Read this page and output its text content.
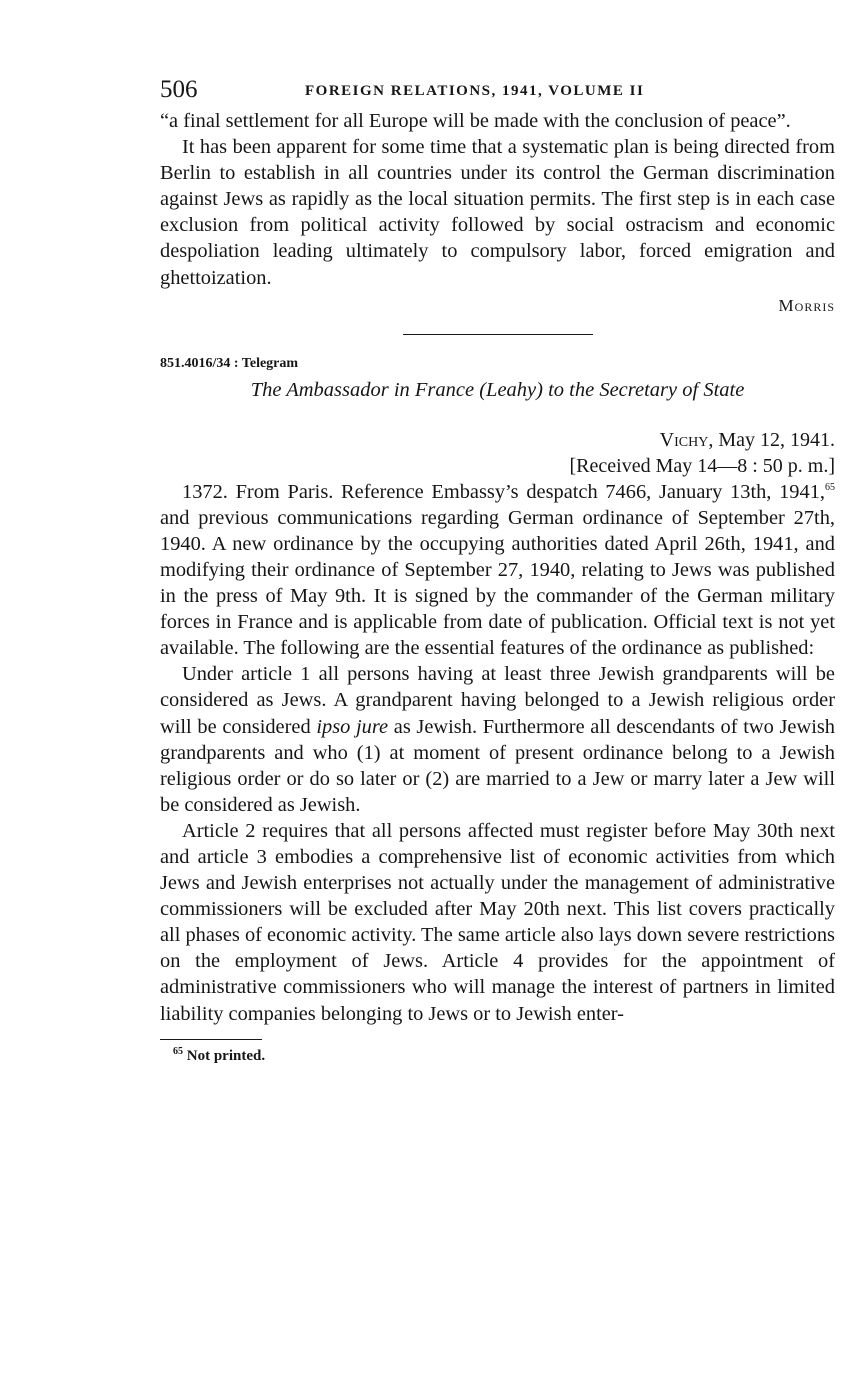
506	FOREIGN RELATIONS, 1941, VOLUME II

“a final settlement for all Europe will be made with the conclusion of peace”.

It has been apparent for some time that a systematic plan is being directed from Berlin to establish in all countries under its control the German discrimination against Jews as rapidly as the local situation permits. The first step is in each case exclusion from political activity followed by social ostracism and economic despoliation leading ultimately to compulsory labor, forced emigration and ghettoization.

Morris
851.4016/34 : Telegram
The Ambassador in France (Leahy) to the Secretary of State
Vichy, May 12, 1941.
[Received May 14—8 : 50 p. m.]

1372. From Paris. Reference Embassy’s despatch 7466, January 13th, 1941,65 and previous communications regarding German ordinance of September 27th, 1940. A new ordinance by the occupying authorities dated April 26th, 1941, and modifying their ordinance of September 27, 1940, relating to Jews was published in the press of May 9th. It is signed by the commander of the German military forces in France and is applicable from date of publication. Official text is not yet available. The following are the essential features of the ordinance as published:

Under article 1 all persons having at least three Jewish grandparents will be considered as Jews. A grandparent having belonged to a Jewish religious order will be considered ipso jure as Jewish. Furthermore all descendants of two Jewish grandparents and who (1) at moment of present ordinance belong to a Jewish religious order or do so later or (2) are married to a Jew or marry later a Jew will be considered as Jewish.

Article 2 requires that all persons affected must register before May 30th next and article 3 embodies a comprehensive list of economic activities from which Jews and Jewish enterprises not actually under the management of administrative commissioners will be excluded after May 20th next. This list covers practically all phases of economic activity. The same article also lays down severe restrictions on the employment of Jews. Article 4 provides for the appointment of administrative commissioners who will manage the interest of partners in limited liability companies belonging to Jews or to Jewish enter-

$^{65}$ Not printed.
